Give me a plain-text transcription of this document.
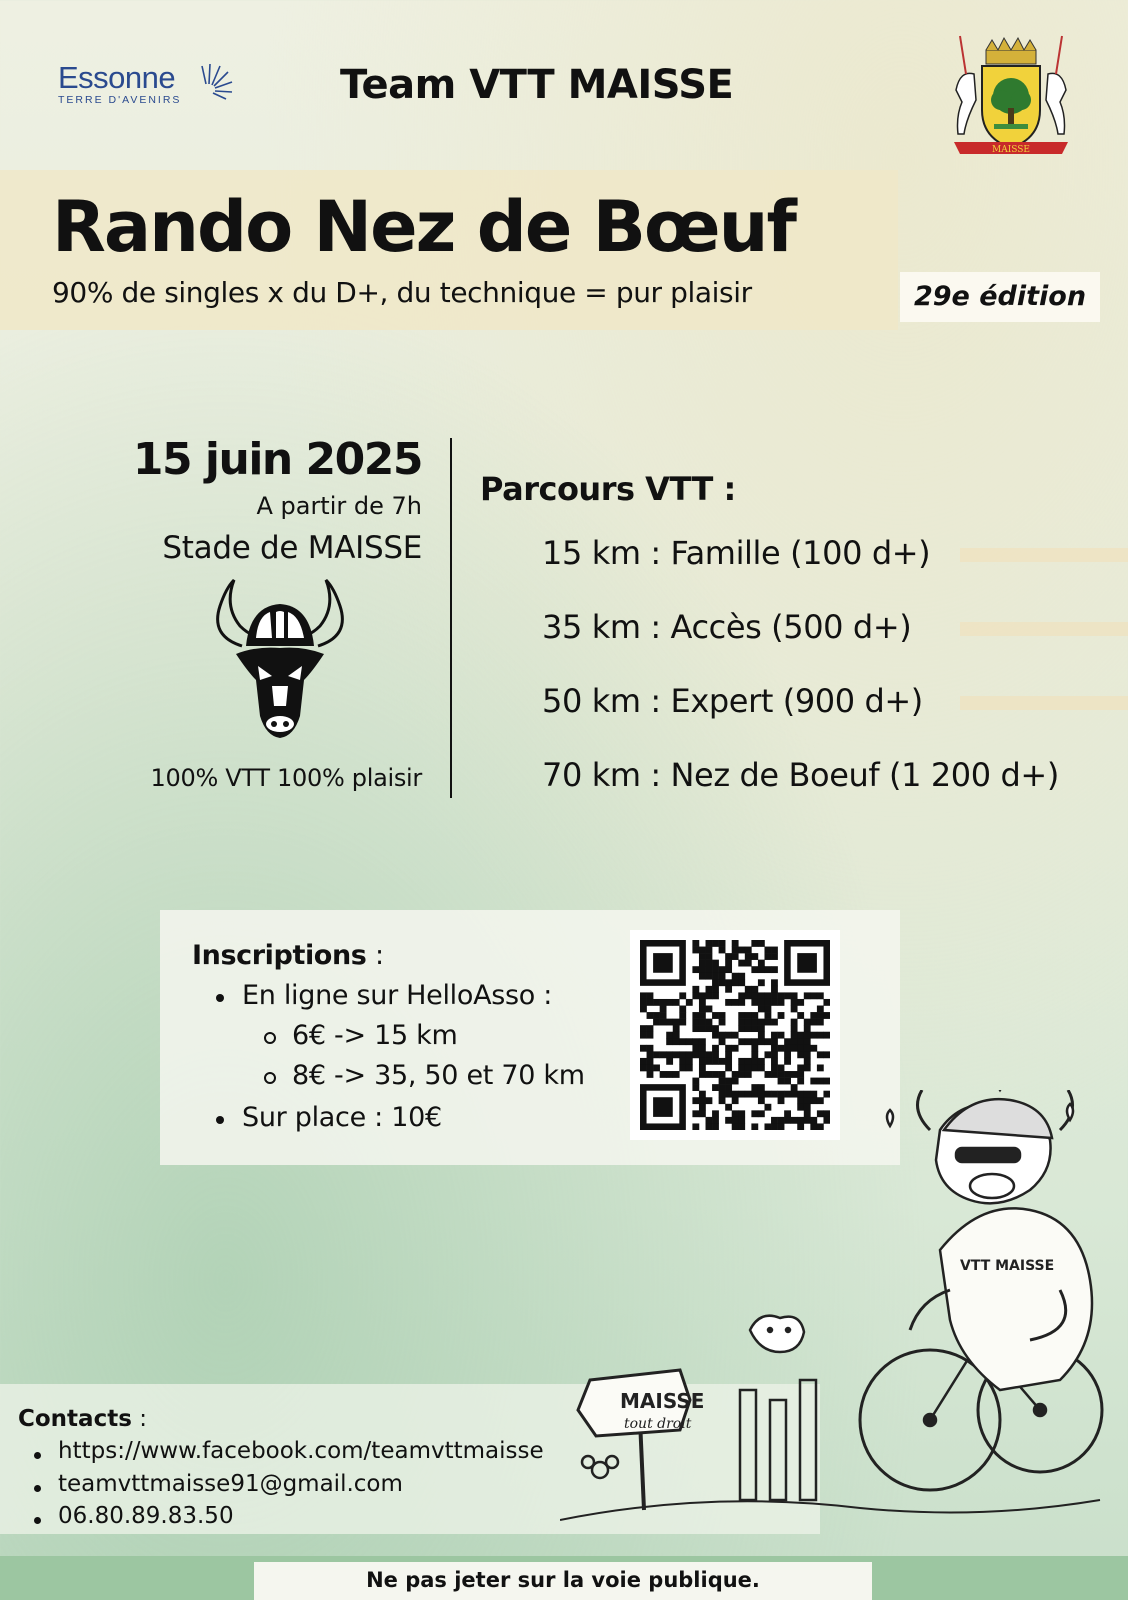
Essonne
TERRE D'AVENIRS	Team VTT MAISSE
MAISSE
Rando Nez de Bœuf
90% de singles x du D+, du technique = pur plaisir	29e édition
15 juin 2025
A partir de 7h
Stade de MAISSE
100% VTT 100% plaisir
Parcours VTT :
15 km : Famille (100 d+)
35 km : Accès (500 d+)
50 km : Expert (900 d+)
70 km : Nez de Boeuf (1 200 d+)
Inscriptions :
En ligne sur HelloAsso :
6€ -> 15 km
8€ -> 35, 50 et 70 km
Sur place : 10€
Contacts :
https://www.facebook.com/teamvttmaisse
teamvttmaisse91@gmail.com
06.80.89.83.50
MAISSE
tout droit
VTT MAISSE
Ne pas jeter sur la voie publique.
